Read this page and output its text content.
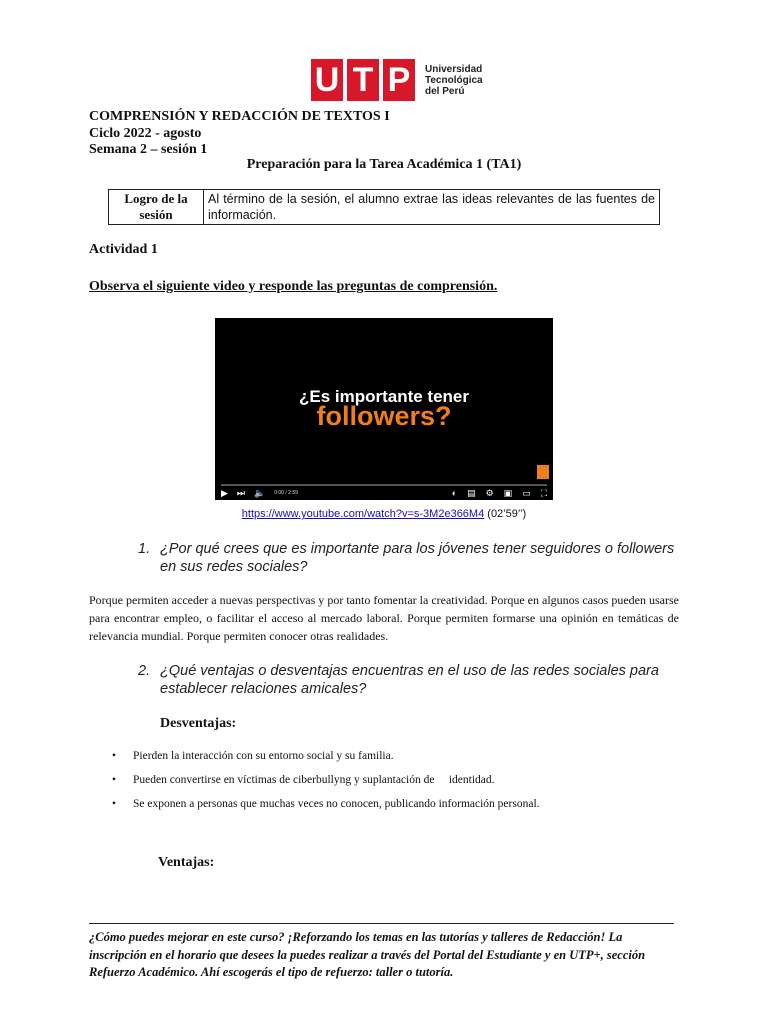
U T P	Universidad
Tecnológica
del Perú
COMPRENSIÓN Y REDACCIÓN DE TEXTOS I
Ciclo 2022 - agosto
Semana 2 – sesión 1
Preparación para la Tarea Académica 1 (TA1)
Logro de la sesión	Al término de la sesión, el alumno extrae las ideas relevantes de las fuentes de información.
Actividad 1
Observa el siguiente video y responde las preguntas de comprensión.
¿Es importante tener
followers?
▶ ⏭ 🔈 0:00 / 2:59	◐ ▤ ⚙ ▣ ▭ ⛶
https://www.youtube.com/watch?v=s-3M2e366M4 (02’59’’)
1. ¿Por qué crees que es importante para los jóvenes tener seguidores o followers en sus redes sociales?
Porque permiten acceder a nuevas perspectivas y por tanto fomentar la creatividad. Porque en algunos casos pueden usarse para encontrar empleo, o facilitar el acceso al mercado laboral. Porque permiten formarse una opinión en temáticas de relevancia mundial. Porque permiten conocer otras realidades.
2. ¿Qué ventajas o desventajas encuentras en el uso de las redes sociales para establecer relaciones amicales?
Desventajas:
• Pierden la interacción con su entorno social y su familia.
• Pueden convertirse en víctimas de ciberbullyng y suplantación de     identidad.
• Se exponen a personas que muchas veces no conocen, publicando información personal.
Ventajas:
¿Cómo puedes mejorar en este curso? ¡Reforzando los temas en las tutorías y talleres de Redacción! La inscripción en el horario que desees la puedes realizar a través del Portal del Estudiante y en UTP+, sección Refuerzo Académico. Ahí escogerás el tipo de refuerzo: taller o tutoría.
